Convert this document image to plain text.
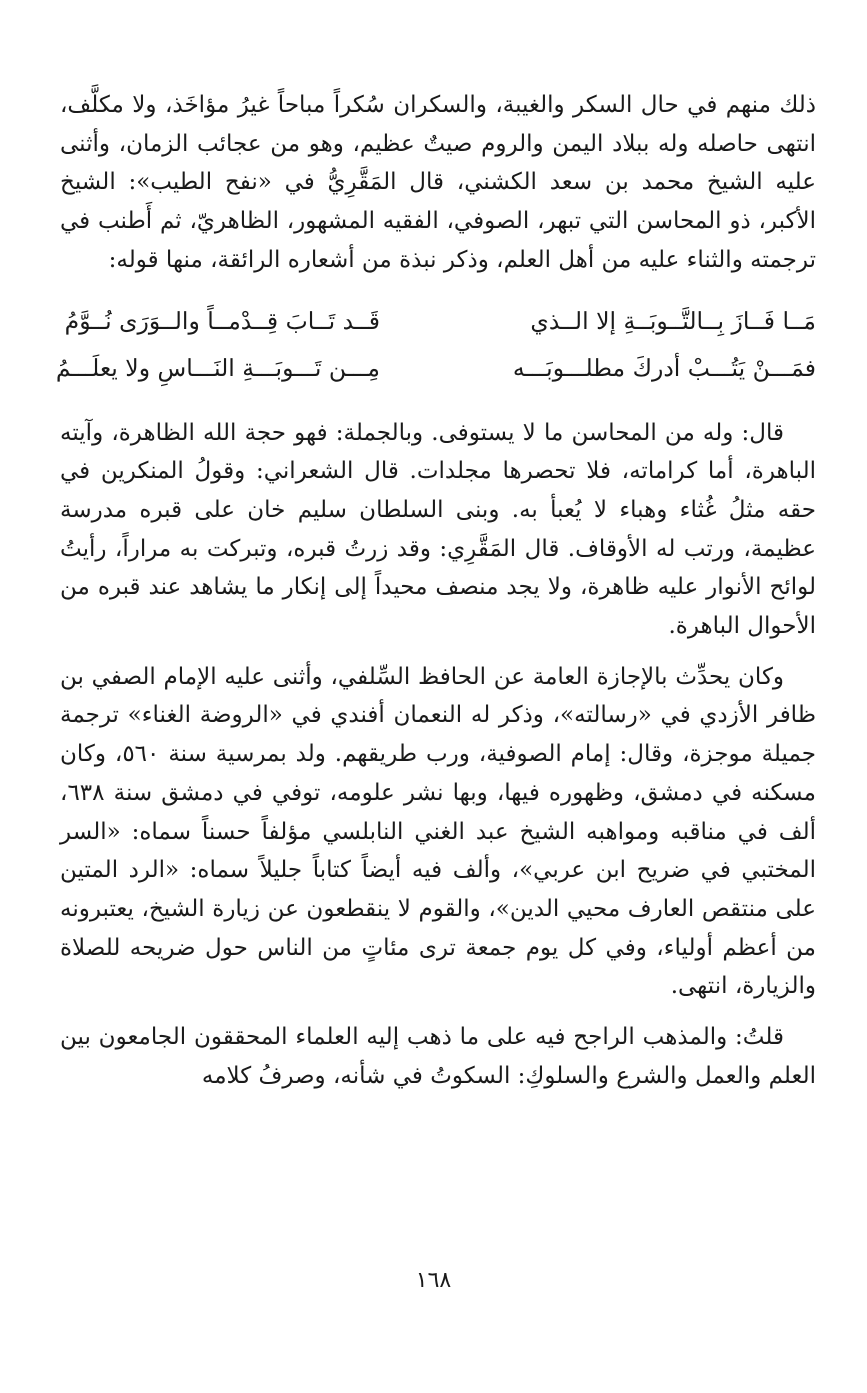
ذلك منهم في حال السكر والغيبة، والسكران سُكراً مباحاً غيرُ مؤاخَذ، ولا مكلَّف، انتهى حاصله وله ببلاد اليمن والروم صيتٌ عظيم، وهو من عجائب الزمان، وأثنى عليه الشيخ محمد بن سعد الكشني، قال المَقَّرِيُّ في «نفح الطيب»: الشيخ الأكبر، ذو المحاسن التي تبهر، الصوفي، الفقيه المشهور، الظاهريّ، ثم أَطنب في ترجمته والثناء عليه من أهل العلم، وذكر نبذة من أشعاره الرائقة، منها قوله:

مَــا فَــازَ بِــالتَّــوبَــةِ إلا الــذي
قَــد تَــابَ قِــدْمــاً والــوَرَى نُــوَّمُ
فمَـــنْ يَتُـــبْ أدركَ مطلـــوبَـــه
مِـــن تَـــوبَـــةِ النَـــاسِ ولا يعلَـــمُ

قال: وله من المحاسن ما لا يستوفى. وبالجملة: فهو حجة الله الظاهرة، وآيته الباهرة، أما كراماته، فلا تحصرها مجلدات. قال الشعراني: وقولُ المنكرين في حقه مثلُ غُثاء وهباء لا يُعبأ به. وبنى السلطان سليم خان على قبره مدرسة عظيمة، ورتب له الأوقاف. قال المَقَّرِي: وقد زرتُ قبره، وتبركت به مراراً، رأيتُ لوائح الأنوار عليه ظاهرة، ولا يجد منصف محيداً إلى إنكار ما يشاهد عند قبره من الأحوال الباهرة.

وكان يحدِّث بالإجازة العامة عن الحافظ السِّلفي، وأثنى عليه الإمام الصفي بن ظافر الأزدي في «رسالته»، وذكر له النعمان أفندي في «الروضة الغناء» ترجمة جميلة موجزة، وقال: إمام الصوفية، ورب طريقهم. ولد بمرسية سنة ٥٦٠، وكان مسكنه في دمشق، وظهوره فيها، وبها نشر علومه، توفي في دمشق سنة ٦٣٨، ألف في مناقبه ومواهبه الشيخ عبد الغني النابلسي مؤلفاً حسناً سماه: «السر المختبي في ضريح ابن عربي»، وألف فيه أيضاً كتاباً جليلاً سماه: «الرد المتين على منتقص العارف محيي الدين»، والقوم لا ينقطعون عن زيارة الشيخ، يعتبرونه من أعظم أولياء، وفي كل يوم جمعة ترى مئاتٍ من الناس حول ضريحه للصلاة والزيارة، انتهى.

قلتُ: والمذهب الراجح فيه على ما ذهب إليه العلماء المحققون الجامعون بين العلم والعمل والشرع والسلوكِ: السكوتُ في شأنه، وصرفُ كلامه

١٦٨
